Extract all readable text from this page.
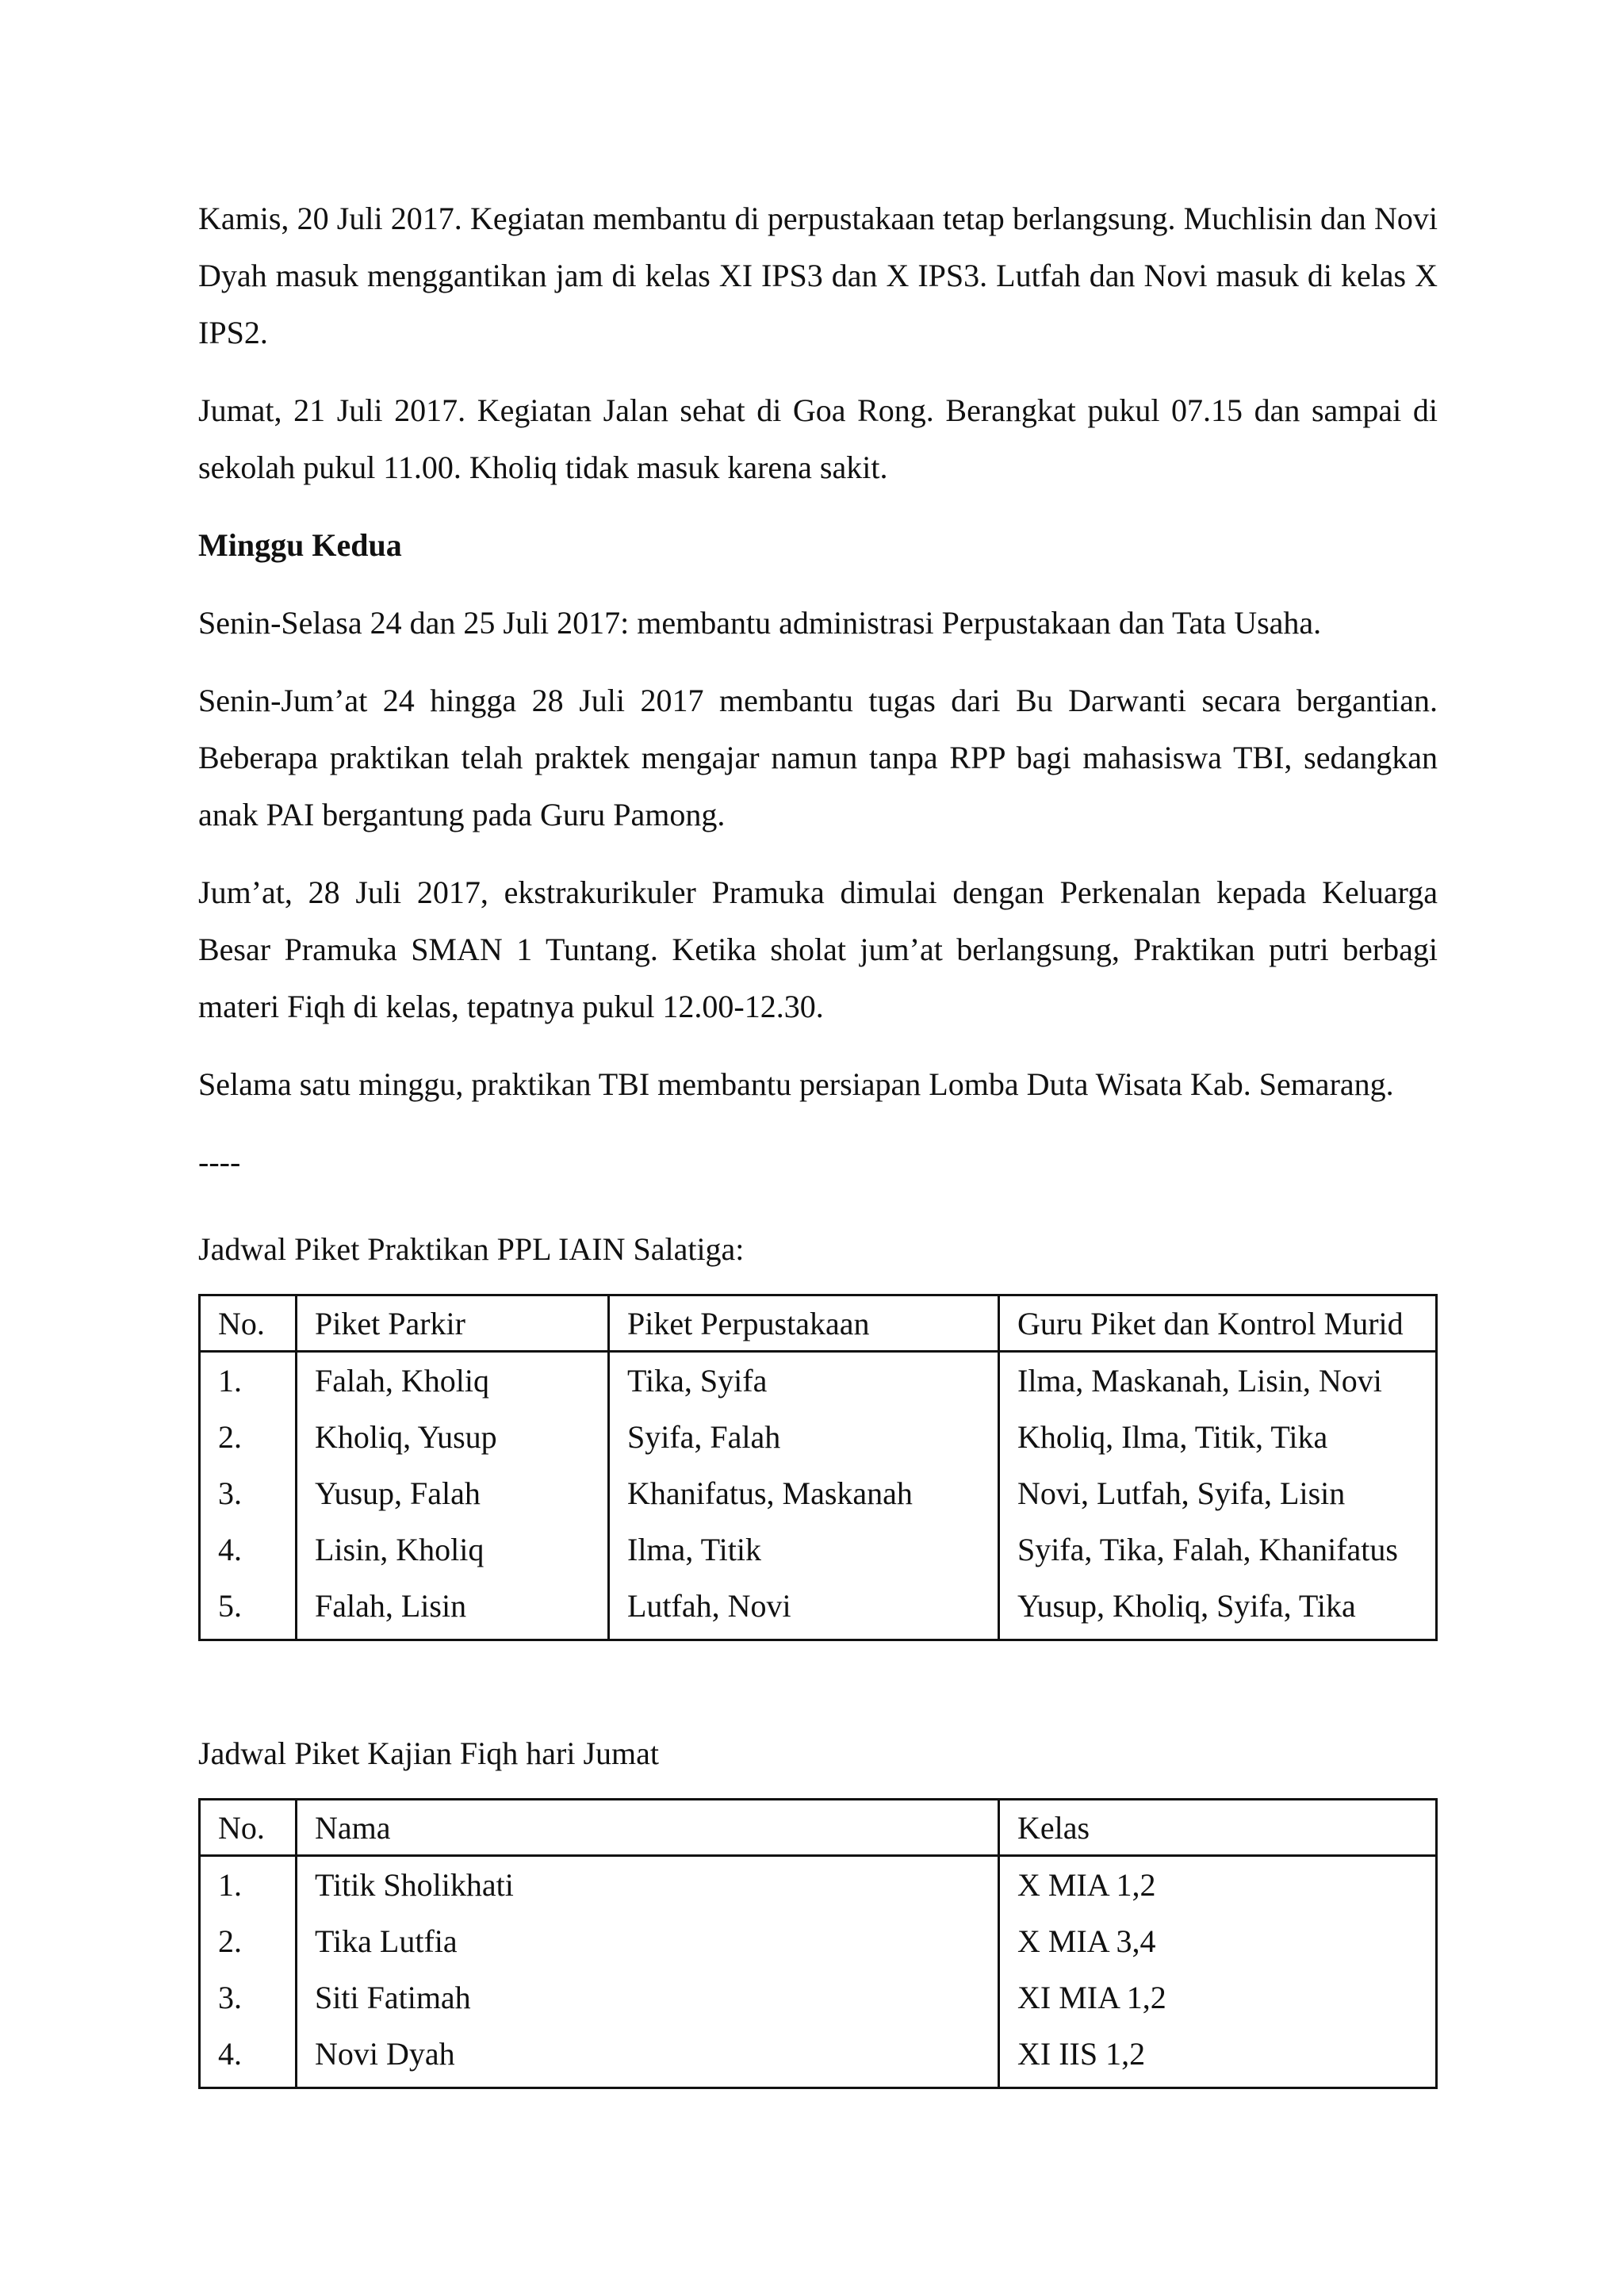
Kamis, 20 Juli 2017. Kegiatan membantu di perpustakaan tetap berlangsung. Muchlisin dan Novi Dyah masuk menggantikan jam di kelas XI IPS3 dan X IPS3. Lutfah dan Novi masuk di kelas X IPS2.

Jumat, 21 Juli 2017. Kegiatan Jalan sehat di Goa Rong. Berangkat pukul 07.15 dan sampai di sekolah pukul 11.00. Kholiq tidak masuk karena sakit.

Minggu Kedua

Senin-Selasa 24 dan 25 Juli 2017: membantu administrasi Perpustakaan dan Tata Usaha.

Senin-Jum’at 24 hingga 28 Juli 2017 membantu tugas dari Bu Darwanti secara bergantian. Beberapa praktikan telah praktek mengajar namun tanpa RPP bagi mahasiswa TBI, sedangkan anak PAI bergantung pada Guru Pamong.

Jum’at, 28 Juli 2017, ekstrakurikuler Pramuka dimulai dengan Perkenalan kepada Keluarga Besar Pramuka SMAN 1 Tuntang. Ketika sholat jum’at berlangsung, Praktikan putri berbagi materi Fiqh di kelas, tepatnya pukul 12.00-12.30.

Selama satu minggu, praktikan TBI membantu persiapan Lomba Duta Wisata Kab. Semarang.

----

Jadwal Piket Praktikan PPL IAIN Salatiga:

No.	Piket Parkir	Piket Perpustakaan	Guru Piket dan Kontrol Murid
1.	Falah, Kholiq	Tika, Syifa	Ilma, Maskanah, Lisin, Novi
2.	Kholiq, Yusup	Syifa, Falah	Kholiq, Ilma, Titik, Tika
3.	Yusup, Falah	Khanifatus, Maskanah	Novi, Lutfah, Syifa, Lisin
4.	Lisin, Kholiq	Ilma, Titik	Syifa, Tika, Falah, Khanifatus
5.	Falah, Lisin	Lutfah, Novi	Yusup, Kholiq, Syifa, Tika

Jadwal Piket Kajian Fiqh hari Jumat

No.	Nama	Kelas
1.	Titik Sholikhati	X MIA 1,2
2.	Tika Lutfia	X MIA 3,4
3.	Siti Fatimah	XI MIA 1,2
4.	Novi Dyah	XI IIS 1,2
